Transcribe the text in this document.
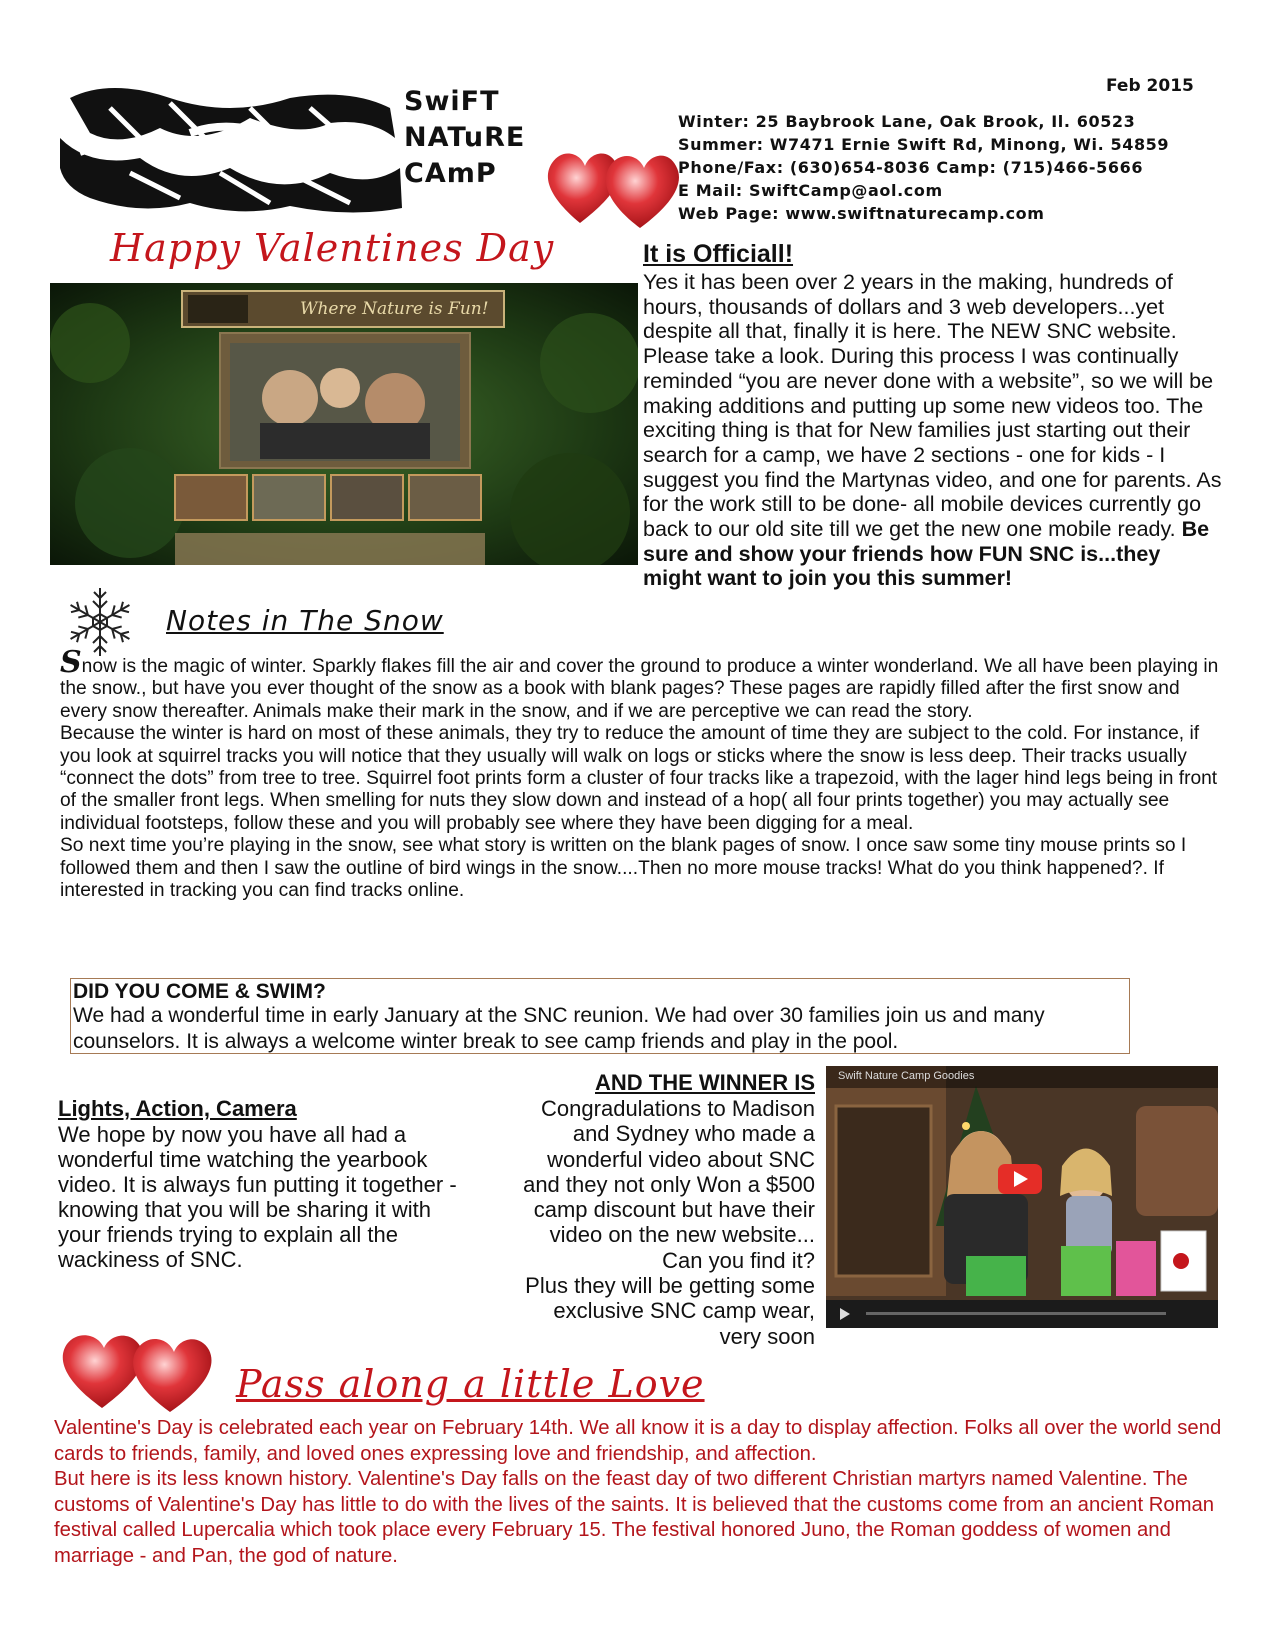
SwiFT
NATuRE
CAmP
Feb 2015
Winter: 25 Baybrook Lane, Oak Brook, Il. 60523
Summer: W7471 Ernie Swift Rd, Minong, Wi. 54859
Phone/Fax: (630)654-8036 Camp: (715)466-5666
E Mail: SwiftCamp@aol.com
Web Page: www.swiftnaturecamp.com
Happy Valentines Day
Where Nature is Fun!
It is Officiall!
Yes it has been over 2 years in the making, hundreds of hours, thousands of dollars and 3 web developers...yet despite all that, finally it is here. The NEW SNC website. Please take a look. During this process I was continually reminded “you are never done with a website”, so we will be making additions and putting up some new videos too. The exciting thing is that for New families just starting out their search for a camp, we have 2 sections - one for kids - I suggest you find the Martynas video, and one for parents. As for the work still to be done- all mobile devices currently go back to our old site till we get the new one mobile ready. Be sure and show your friends how FUN SNC is...they might want to join you this summer!
Notes in The Snow

Snow is the magic of winter. Sparkly flakes fill the air and cover the ground to produce a winter wonderland. We all have been playing in the snow., but have you ever thought of the snow as a book with blank pages? These pages are rapidly filled after the first snow and every snow thereafter. Animals make their mark in the snow, and if we are perceptive we can read the story.

Because the winter is hard on most of these animals, they try to reduce the amount of time they are subject to the cold. For instance, if you look at squirrel tracks you will notice that they usually will walk on logs or sticks where the snow is less deep. Their tracks usually “connect the dots” from tree to tree. Squirrel foot prints form a cluster of four tracks like a trapezoid, with the lager hind legs being in front of the smaller front legs. When smelling for nuts they slow down and instead of a hop( all four prints together) you may actually see individual footsteps, follow these and you will probably see where they have been digging for a meal.

So next time you’re playing in the snow, see what story is written on the blank pages of snow. I once saw some tiny mouse prints so I followed them and then I saw the outline of bird wings in the snow....Then no more mouse tracks! What do you think happened?. If interested in tracking you can find tracks online.

DID YOU COME & SWIM?
We had a wonderful time in early January at the SNC reunion. We had over 30 families join us and many counselors. It is always a welcome winter break to see camp friends and play in the pool.
Lights, Action, Camera
We hope by now you have all had a wonderful time watching the yearbook video. It is always fun putting it together -knowing that you will be sharing it with your friends trying to explain all the wackiness of SNC.
AND THE WINNER IS
Congradulations to Madison
and Sydney who made a
wonderful video about SNC
and they not only Won a $500
camp discount but have their
video on the new website...
Can you find it?
Plus they will be getting some
exclusive SNC camp wear,
very soon
Swift Nature Camp Goodies
Pass along a little Love

Valentine's Day is celebrated each year on February 14th. We all know it is a day to display affection. Folks all over the world send cards to friends, family, and loved ones expressing love and friendship, and affection.

But here is its less known history. Valentine's Day falls on the feast day of two different Christian martyrs named Valentine. The customs of Valentine's Day has little to do with the lives of the saints. It is believed that the customs come from an ancient Roman festival called Lupercalia which took place every February 15. The festival honored Juno, the Roman goddess of women and marriage - and Pan, the god of nature.
